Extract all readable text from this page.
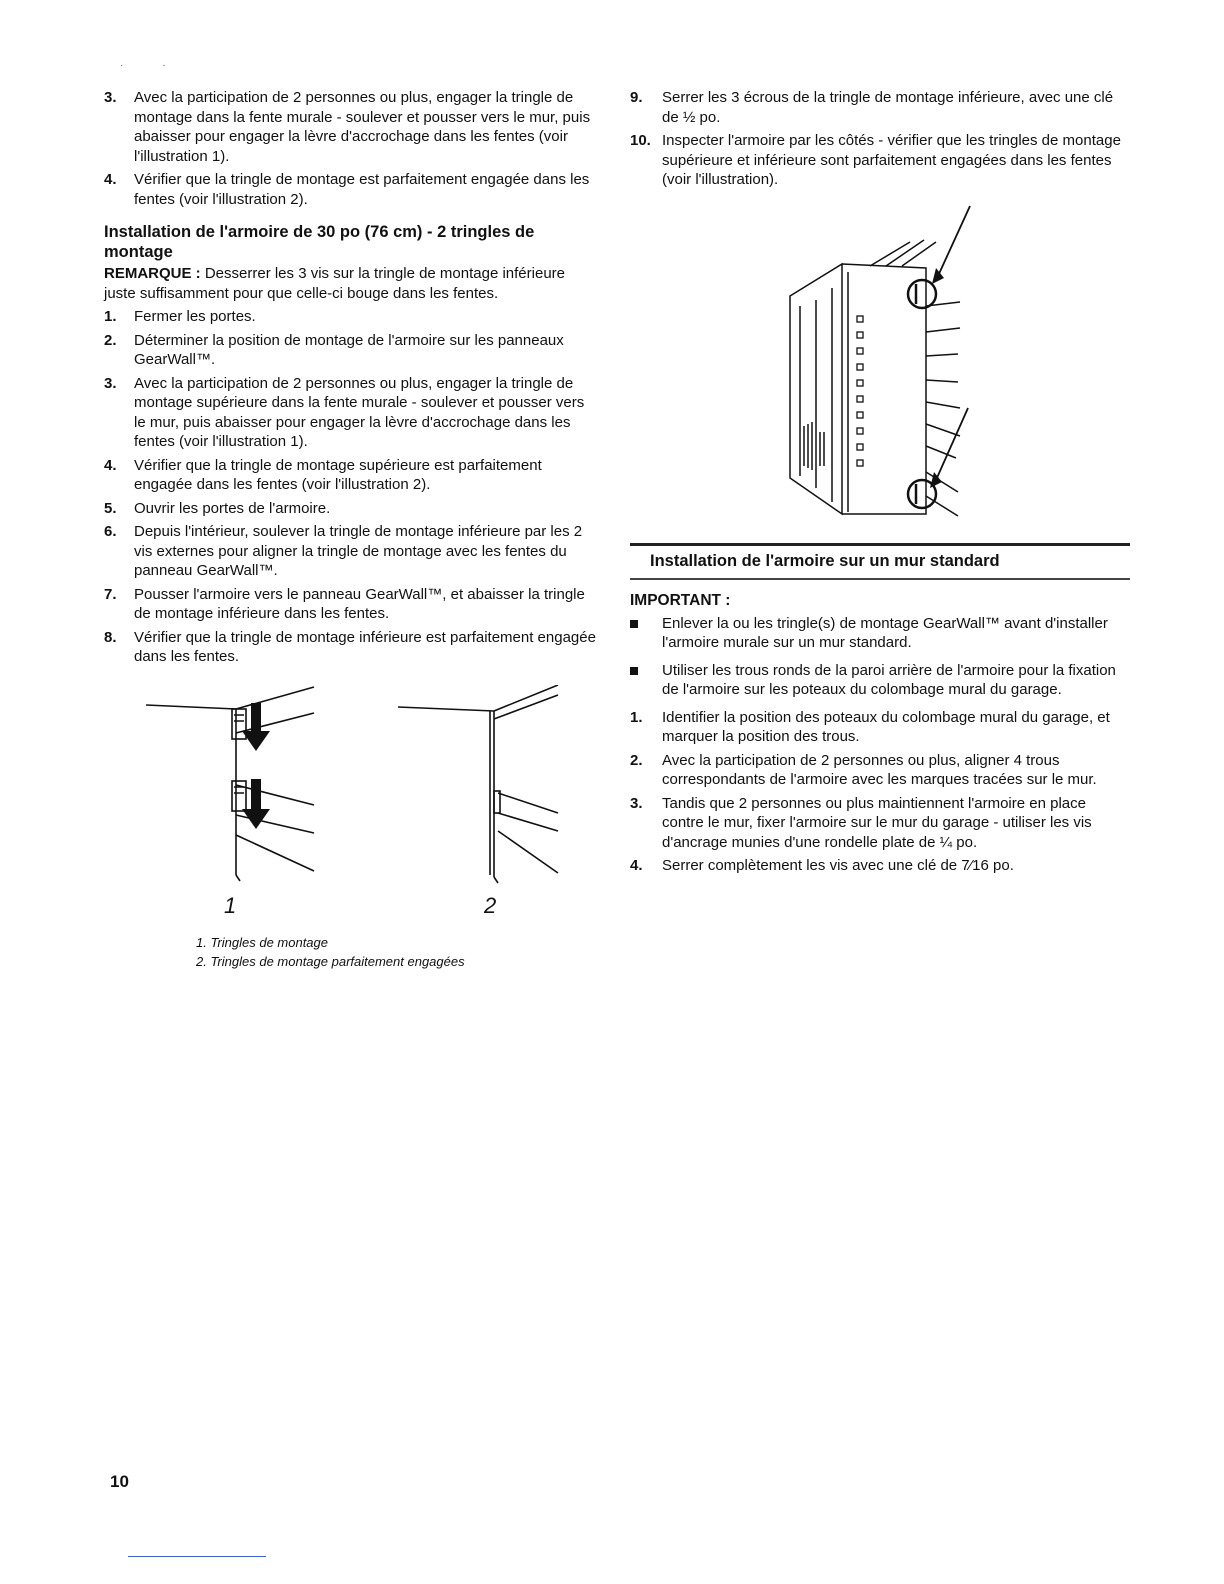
·              ·
3.	Avec la participation de 2 personnes ou plus, engager la tringle de montage dans la fente murale - soulever et pousser vers le mur, puis abaisser pour engager la lèvre d'accrochage dans les fentes (voir l'illustration 1).
4.	Vérifier que la tringle de montage est parfaitement engagée dans les fentes (voir l'illustration 2).
Installation de l'armoire de 30 po (76 cm) - 2 tringles de montage

REMARQUE : Desserrer les 3 vis sur la tringle de montage inférieure juste suffisamment pour que celle-ci bouge dans les fentes.

1.	Fermer les portes.
2.	Déterminer la position de montage de l'armoire sur les panneaux GearWall™.
3.	Avec la participation de 2 personnes ou plus, engager la tringle de montage supérieure dans la fente murale - soulever et pousser vers le mur, puis abaisser pour engager la lèvre d'accrochage dans les fentes (voir l'illustration 1).
4.	Vérifier que la tringle de montage supérieure est parfaitement engagée dans les fentes (voir l'illustration 2).
5.	Ouvrir les portes de l'armoire.
6.	Depuis l'intérieur, soulever la tringle de montage inférieure par les 2 vis externes pour aligner la tringle de montage avec les fentes du panneau GearWall™.
7.	Pousser l'armoire vers le panneau GearWall™, et abaisser la tringle de montage inférieure dans les fentes.
8.	Vérifier que la tringle de montage inférieure est parfaitement engagée dans les fentes.
1	2
1. Tringles de montage
2. Tringles de montage parfaitement engagées
9.	Serrer les 3 écrous de la tringle de montage inférieure, avec une clé de ½ po.
10. Inspecter l'armoire par les côtés - vérifier que les tringles de montage supérieure et inférieure sont parfaitement engagées dans les fentes (voir l'illustration).
Installation de l'armoire sur un mur standard
IMPORTANT :
Enlever la ou les tringle(s) de montage GearWall™ avant d'installer l'armoire murale sur un mur standard.
Utiliser les trous ronds de la paroi arrière de l'armoire pour la fixation de l'armoire sur les poteaux du colombage mural du garage.
1.	Identifier la position des poteaux du colombage mural du garage, et marquer la position des trous.
2.	Avec la participation de 2 personnes ou plus, aligner 4 trous correspondants de l'armoire avec les marques tracées sur le mur.
3.	Tandis que 2 personnes ou plus maintiennent l'armoire en place contre le mur, fixer l'armoire sur le mur du garage - utiliser les vis d'ancrage munies d'une rondelle plate de ¼ po.
4.	Serrer complètement les vis avec une clé de 7⁄16 po.
10
